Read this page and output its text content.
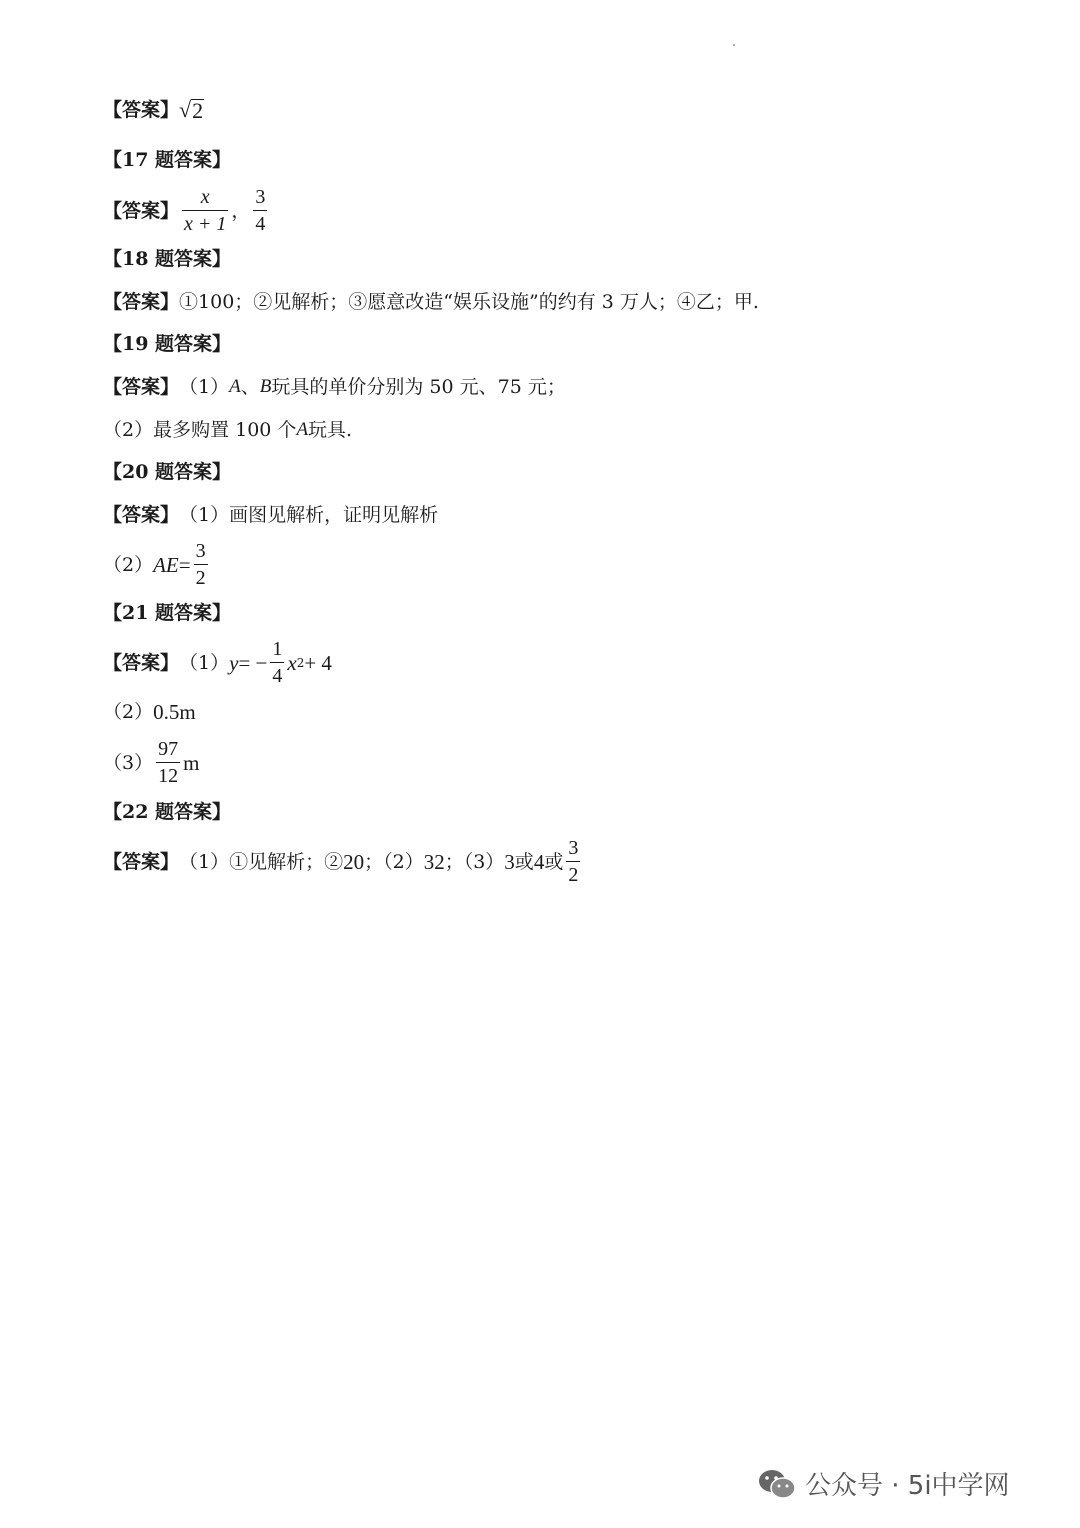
【答案】 √ 2
【17 题答案】
【答案】 $\frac{x}{x + 1}$ ， $\frac{3}{4}$
【18 题答案】
【答案】 ①100；②见解析；③愿意改造“娱乐设施”的约有 3 万人；④乙；甲.
【19 题答案】
【答案】 （1） A 、 B 玩具的单价分别为 50 元、75 元；
（2）最多购置 100 个 A 玩具.
【20 题答案】
【答案】 （1）画图见解析，证明见解析
（2） AE = $\frac{3}{2}$
【21 题答案】
【答案】 （1） y = − $\frac{1}{4}$ x 2 + 4
（2） 0.5m
$(3) \frac{97}{12}$ m
【22 题答案】
【答案】 （1）①见解析；② 20 ；（2） 32 ；（3） 3 或 4 或 $\frac{3}{2}$
公众号 · 5i中学网
